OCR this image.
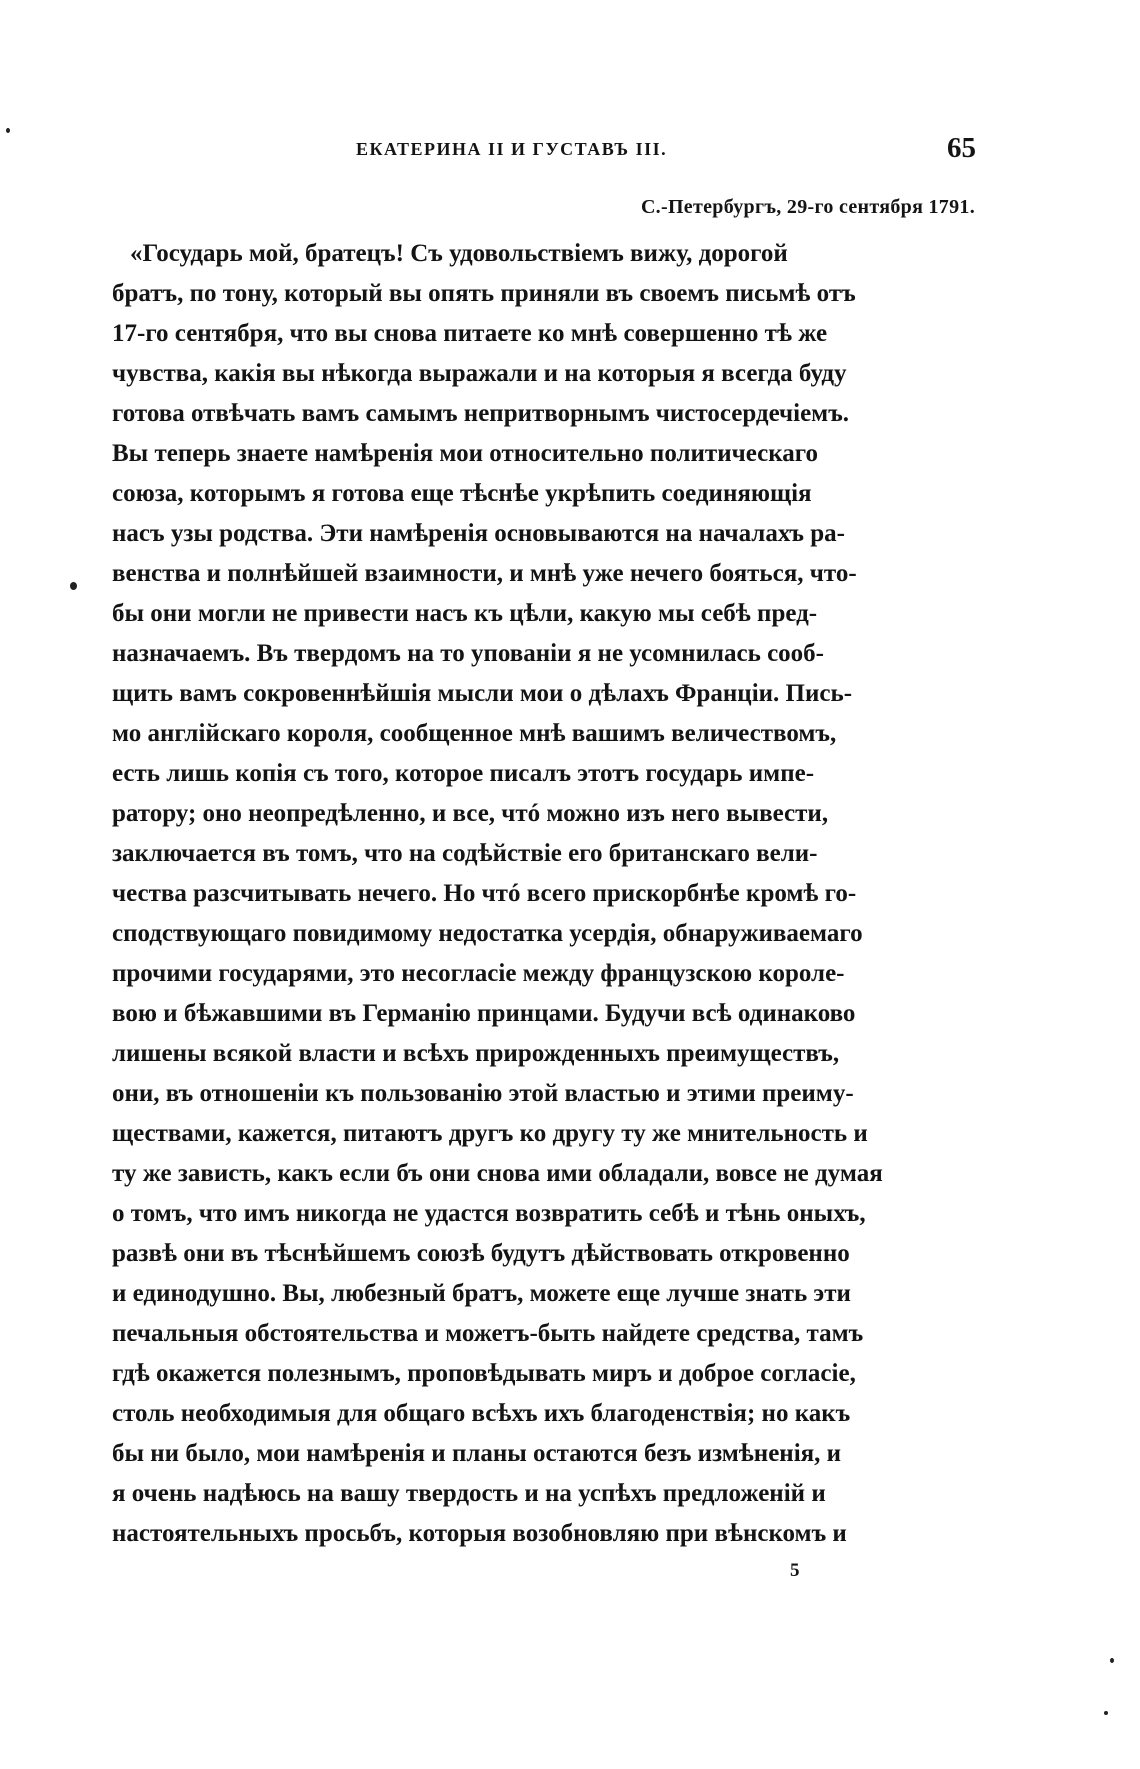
ЕКАТЕРИНА II И ГУСТАВЪ III.	65
С.-Петербургъ, 29-го сентября 1791.
«Государь мой, братецъ! Съ удовольствіемъ вижу, дорогой
братъ, по тону, который вы опять приняли въ своемъ письмѣ отъ
17-го сентября, что вы снова питаете ко мнѣ совершенно тѣ же
чувства, какія вы нѣкогда выражали и на которыя я всегда буду
готова отвѣчать вамъ самымъ непритворнымъ чистосердечіемъ.
Вы теперь знаете намѣренія мои относительно политическаго
союза, которымъ я готова еще тѣснѣе укрѣпить соединяющія
насъ узы родства. Эти намѣренія основываются на началахъ ра-
венства и полнѣйшей взаимности, и мнѣ уже нечего бояться, что-
бы они могли не привести насъ къ цѣли, какую мы себѣ пред-
назначаемъ. Въ твердомъ на то упованіи я не усомнилась сооб-
щить вамъ сокровеннѣйшія мысли мои о дѣлахъ Франціи. Пись-
мо англійскаго короля, сообщенное мнѣ вашимъ величествомъ,
есть лишь копія съ того, которое писалъ этотъ государь импе-
ратору; оно неопредѣленно, и все, чтó можно изъ него вывести,
заключается въ томъ, что на содѣйствіе его британскаго вели-
чества разсчитывать нечего. Но чтó всего прискорбнѣе кромѣ го-
сподствующаго повидимому недостатка усердія, обнаруживаемаго
прочими государями, это несогласіе между французскою короле-
вою и бѣжавшими въ Германію принцами. Будучи всѣ одинаково
лишены всякой власти и всѣхъ прирожденныхъ преимуществъ,
они, въ отношеніи къ пользованію этой властью и этими преиму-
ществами, кажется, питаютъ другъ ко другу ту же мнительность и
ту же зависть, какъ если бъ они снова ими обладали, вовсе не думая
о томъ, что имъ никогда не удастся возвратить себѣ и тѣнь оныхъ,
развѣ они въ тѣснѣйшемъ союзѣ будутъ дѣйствовать откровенно
и единодушно. Вы, любезный братъ, можете еще лучше знать эти
печальныя обстоятельства и можетъ-быть найдете средства, тамъ
гдѣ окажется полезнымъ, проповѣдывать миръ и доброе согласіе,
столь необходимыя для общаго всѣхъ ихъ благоденствія; но какъ
бы ни было, мои намѣренія и планы остаются безъ измѣненія, и
я очень надѣюсь на вашу твердость и на успѣхъ предложеній и
настоятельныхъ просьбъ, которыя возобновляю при вѣнскомъ и
5
